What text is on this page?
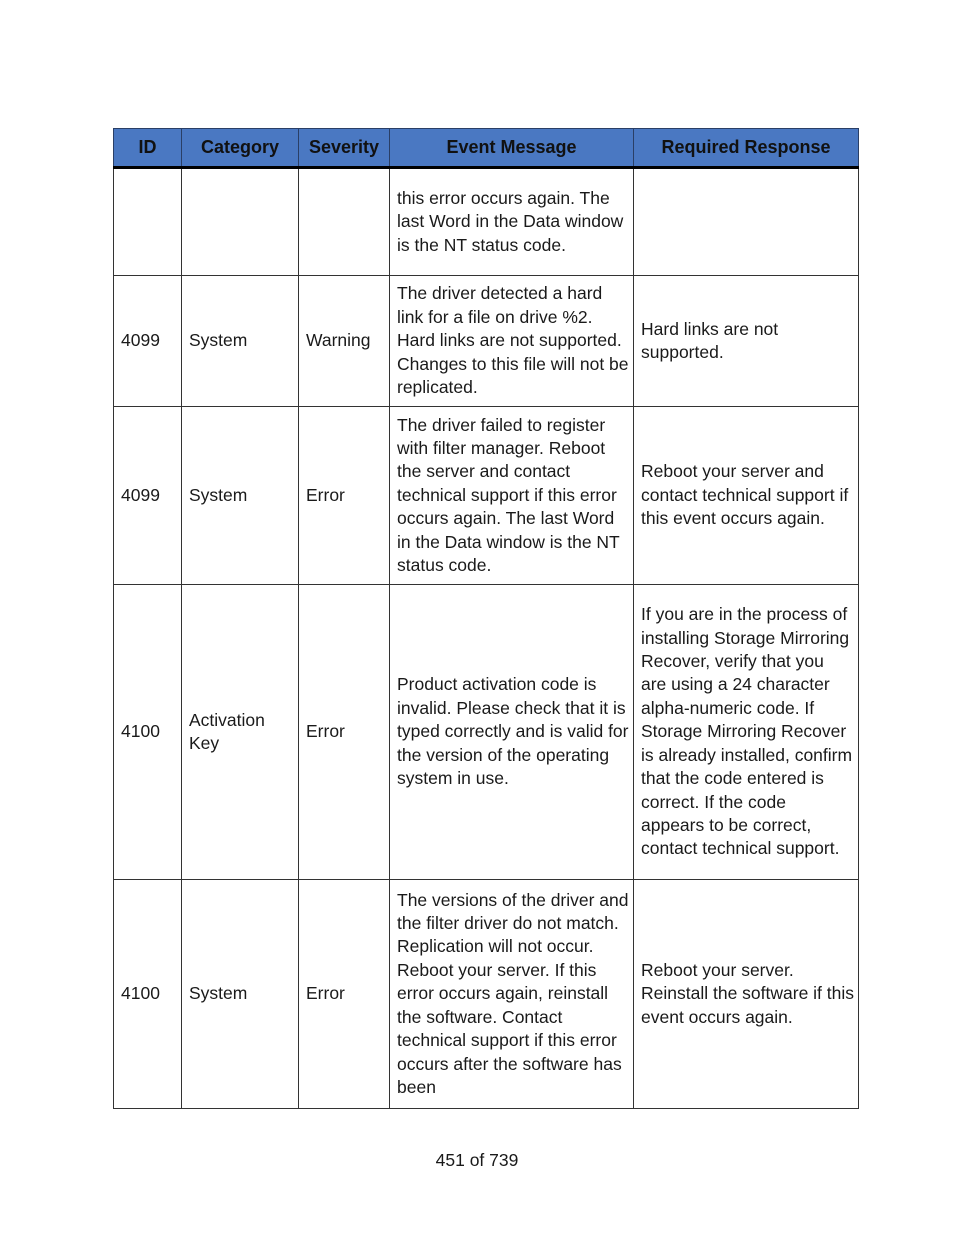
ID	Category	Severity	Event Message	Required Response
			this error occurs again. The last Word in the Data window is the NT status code.	
4099	System	Warning	The driver detected a hard link for a file on drive %2. Hard links are not supported. Changes to this file will not be replicated.	Hard links are not supported.
4099	System	Error	The driver failed to register with filter manager. Reboot the server and contact technical support if this error occurs again. The last Word in the Data window is the NT status code.	Reboot your server and contact technical support if this event occurs again.
4100	Activation Key	Error	Product activation code is invalid. Please check that it is typed correctly and is valid for the version of the operating system in use.	If you are in the process of installing Storage Mirroring Recover, verify that you are using a 24 character alpha-numeric code. If Storage Mirroring Recover is already installed, confirm that the code entered is correct. If the code appears to be correct, contact technical support.
4100	System	Error	The versions of the driver and the filter driver do not match. Replication will not occur. Reboot your server. If this error occurs again, reinstall the software. Contact technical support if this error occurs after the software has been	Reboot your server. Reinstall the software if this event occurs again.
451 of 739
